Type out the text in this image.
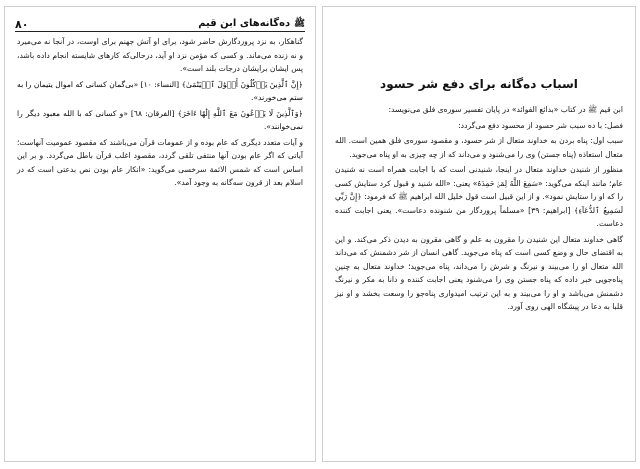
ﷺده‌گانه‌های ابن قیم
٨٠

گناهکار، به نزد پروردگارش حاضر شود، برای او آتش جهنم برای اوست، در آنجا نه می‌میرد و نه زنده می‌ماند. و کسی که مؤمن نزد او آید، درحالی‌که کارهای شایسته انجام داده باشد، پس ایشان برایشان درجات بلند است».

﴿إِنَّ ٱلَّذِينَ يَأۡكُلُونَ أَمۡوَٰلَ ٱلۡيَتَٰمَىٰ﴾ [النساء: ١٠] «بی‌گمان کسانی که اموال یتیمان را به ستم می‌خورند».

﴿وَٱلَّذِينَ لَا يَدۡعُونَ مَعَ ٱللَّهِ إِلَٰهًا ءَاخَرَ﴾ [الفرقان: ٦٨] «و کسانی که با الله معبود دیگر را نمی‌خوانند».

و آیات متعدد دیگری که عام بوده و از عمومات قرآن می‌باشند که مقصود عمومیت آنهاست؛ آیاتی که اگر عام بودن آنها منتفی تلقی گردد، مقصود اغلب قرآن باطل می‌گردد. و بر این اساس است که شمس الائمة سرخسی می‌گوید: «انکار عام بودن نص بدعتی است که در اسلام بعد از قرون سه‌گانه به وجود آمد».

اسباب ده‌گانه برای دفع شر حسود

ابن قیم ﷺ در کتاب «بدائع الفوائد» در پایان تفسیر سوره‌ی فلق می‌نویسد:

فصل: با ده سبب شر حسود از محسود دفع می‌گردد:

سبب اول: پناه بردن به خداوند متعال از شر حسود، و مقصود سوره‌ی فلق همین است. الله متعال استعاذه (پناه جستن) وی را می‌شنود و می‌داند که از چه چیزی به او پناه می‌جوید.

منظور از شنیدن خداوند متعال در اینجا، شنیدنی است که با اجابت همراه است نه شنیدن عام؛ مانند اینکه می‌گوید: «سَمِعَ اللَّهُ لِمَنۡ حَمِدَهُ» یعنی: «الله شنید و قبول کرد ستایش کسی را که او را ستایش نمود». و از این قبیل است قول خلیل الله ابراهیم ﷺ که فرمود: ﴿إِنَّ رَبِّي لَسَمِيعُ ٱلدُّعَآءِ﴾ [ابراهیم: ٣٩] «مسلماً پروردگار من شنونده دعاست». یعنی اجابت کننده دعاست.

گاهی خداوند متعال این شنیدن را مقرون به علم و گاهی مقرون به دیدن ذکر می‌کند. و این به اقتضای حال و وضع کسی است که پناه می‌جوید. گاهی انسان از شر دشمنش که می‌داند الله متعال او را می‌بیند و نیرنگ و شرش را می‌داند، پناه می‌جوید؛ خداوند متعال به چنین پناه‌جویی خبر داده که پناه جستن وی را می‌شنود یعنی اجابت کننده و دانا به مکر و نیرنگ دشمنش می‌باشد و او را می‌بیند و به این ترتیب امیدواری پناه‌جو را وسعت بخشد و او نیز قلبا به دعا در پیشگاه الهی روی آورد.
